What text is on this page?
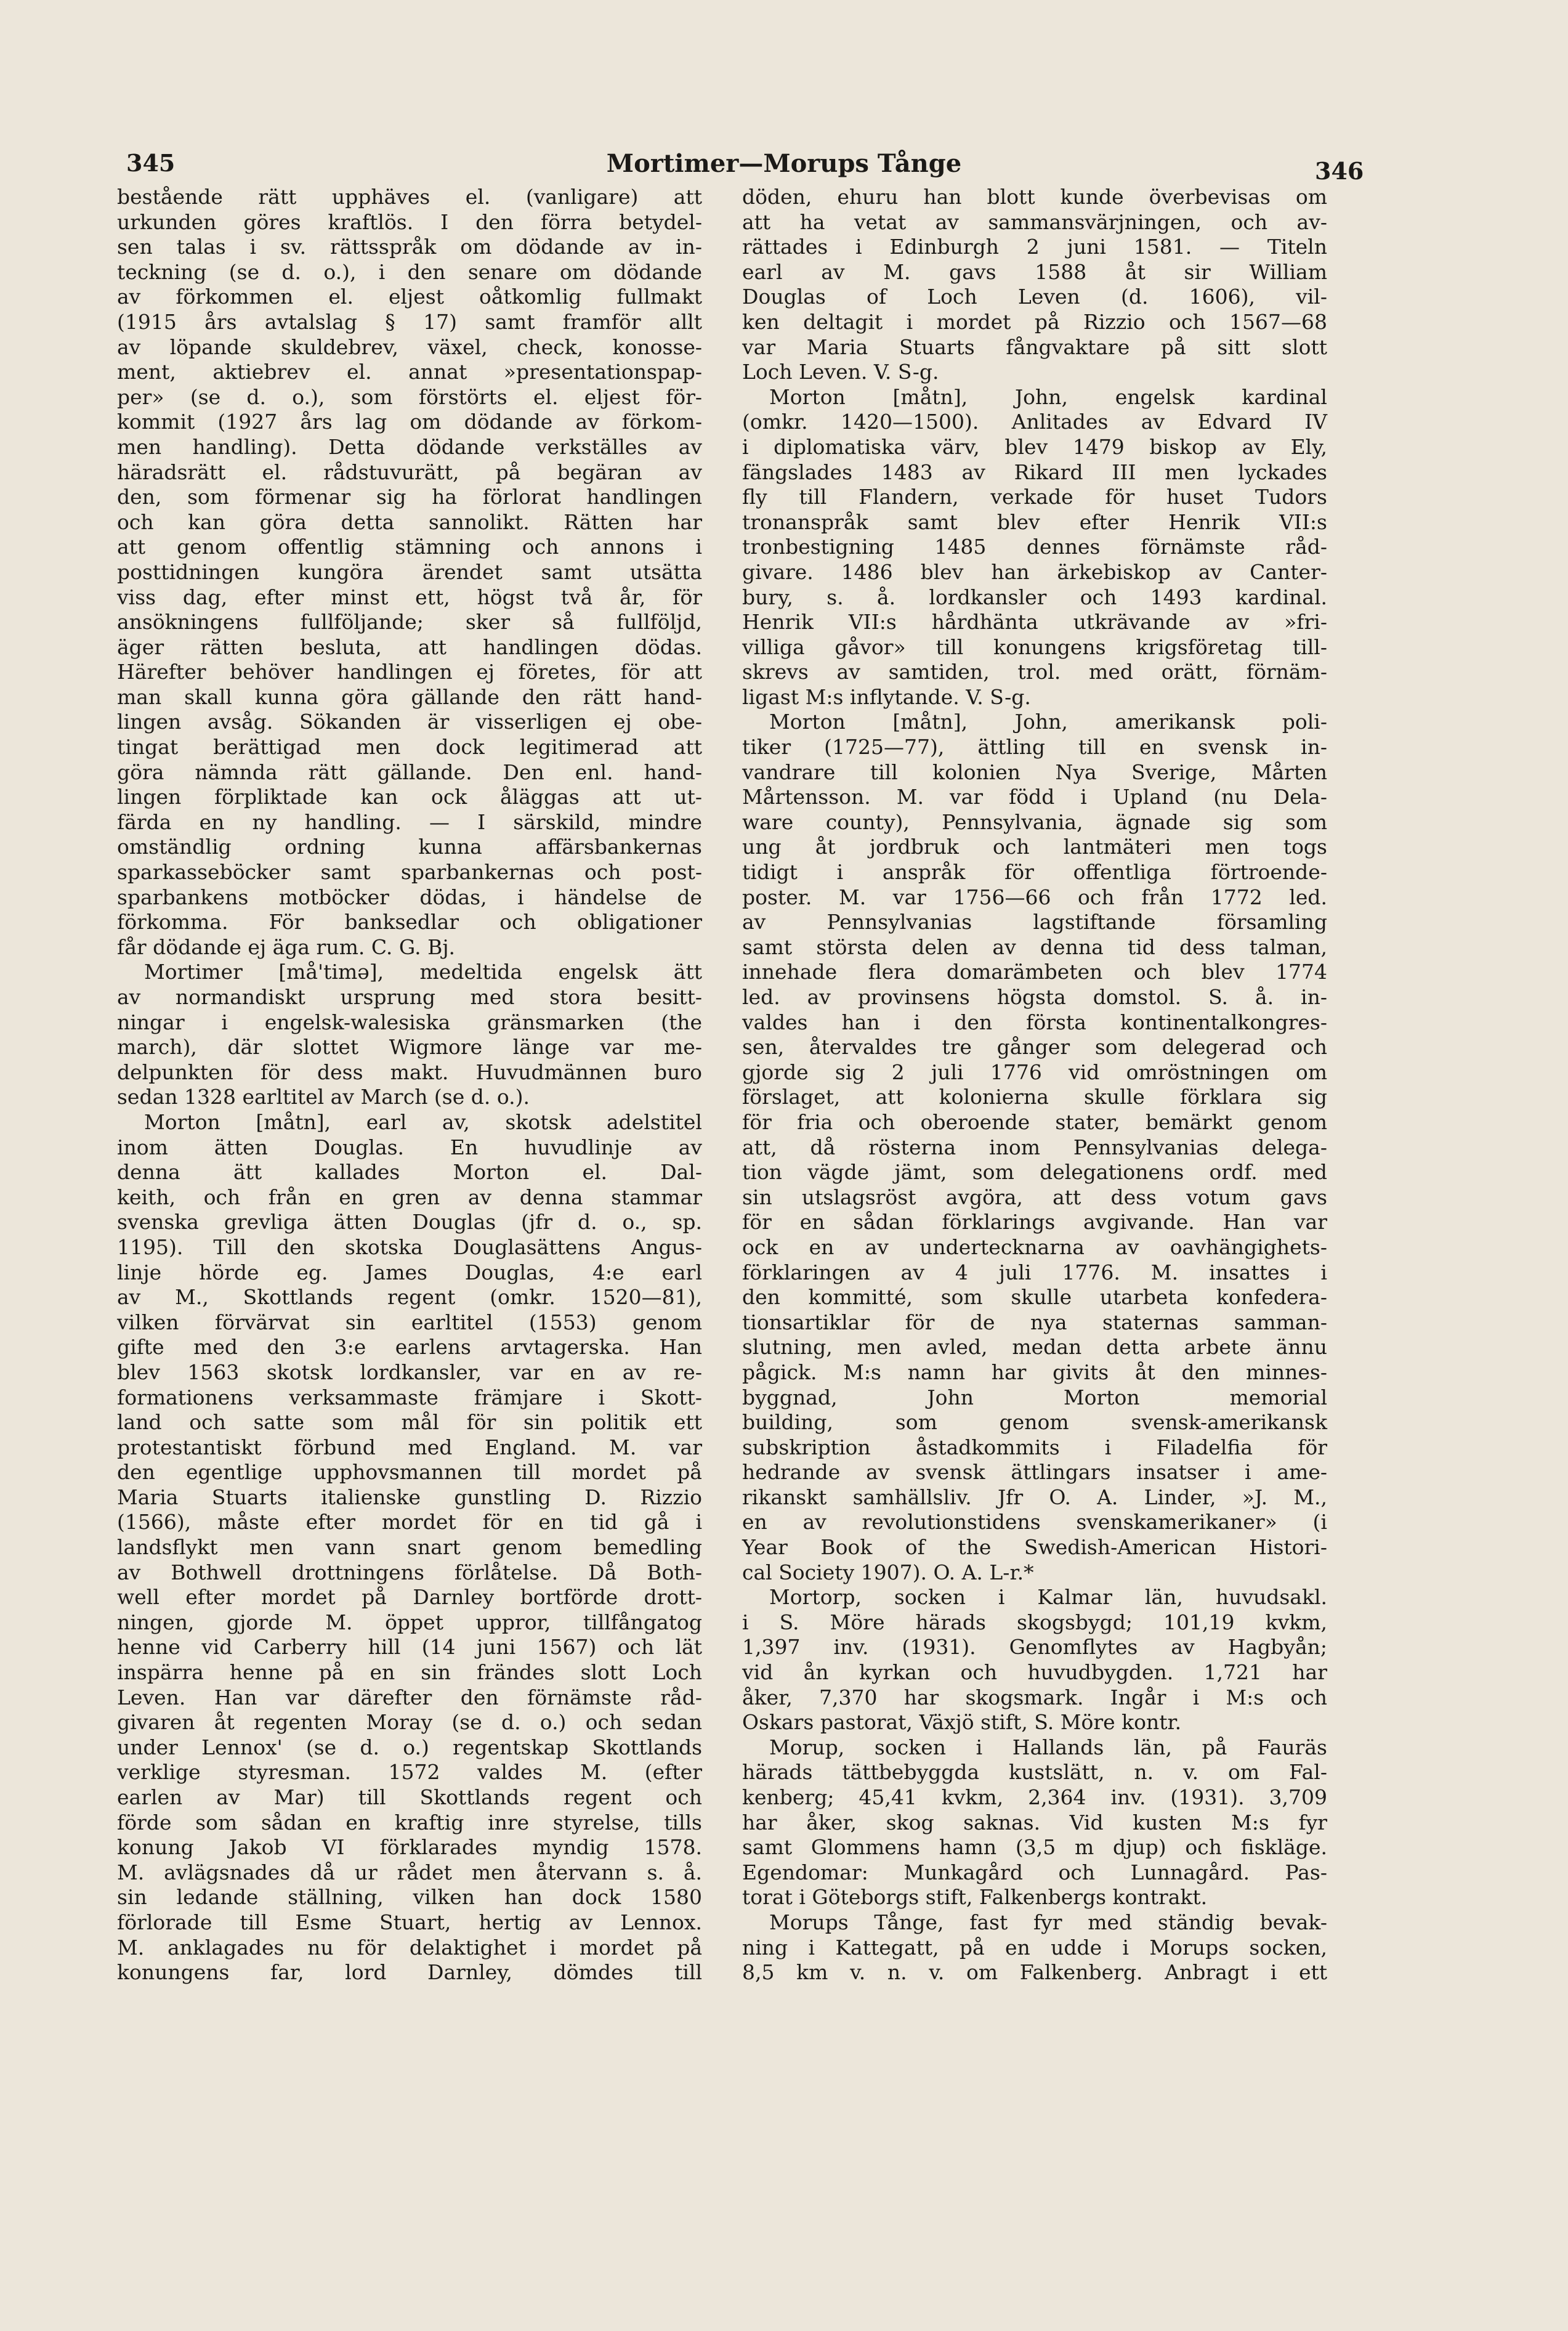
345	Mortimer—Morups Tånge	346
bestående rätt upphäves el. (vanligare) att
urkunden göres kraftlös. I den förra betydel-
sen talas i sv. rättsspråk om dödande av in-
teckning (se d. o.), i den senare om dödande
av förkommen el. eljest oåtkomlig fullmakt
(1915 års avtalslag § 17) samt framför allt
av löpande skuldebrev, växel, check, konosse-
ment, aktiebrev el. annat »presentationspap-
per» (se d. o.), som förstörts el. eljest för-
kommit (1927 års lag om dödande av förkom-
men handling). Detta dödande verkställes av
häradsrätt el. rådstuvurätt, på begäran av
den, som förmenar sig ha förlorat handlingen
och kan göra detta sannolikt. Rätten har
att genom offentlig stämning och annons i
posttidningen kungöra ärendet samt utsätta
viss dag, efter minst ett, högst två år, för
ansökningens fullföljande; sker så fullföljd,
äger rätten besluta, att handlingen dödas.
Härefter behöver handlingen ej företes, för att
man skall kunna göra gällande den rätt hand-
lingen avsåg. Sökanden är visserligen ej obe-
tingat berättigad men dock legitimerad att
göra nämnda rätt gällande. Den enl. hand-
lingen förpliktade kan ock åläggas att ut-
färda en ny handling. — I särskild, mindre
omständlig ordning kunna affärsbankernas
sparkasseböcker samt sparbankernas och post-
sparbankens motböcker dödas, i händelse de
förkomma. För banksedlar och obligationer
får dödande ej äga rum. C. G. Bj.
Mortimer [må'timə], medeltida engelsk ätt
av normandiskt ursprung med stora besitt-
ningar i engelsk-walesiska gränsmarken (the
march), där slottet Wigmore länge var me-
delpunkten för dess makt. Huvudmännen buro
sedan 1328 earltitel av March (se d. o.).
Morton [måtn], earl av, skotsk adelstitel
inom ätten Douglas. En huvudlinje av
denna ätt kallades Morton el. Dal-
keith, och från en gren av denna stammar
svenska grevliga ätten Douglas (jfr d. o., sp.
1195). Till den skotska Douglasättens Angus-
linje hörde eg. James Douglas, 4:e earl
av M., Skottlands regent (omkr. 1520—81),
vilken förvärvat sin earltitel (1553) genom
gifte med den 3:e earlens arvtagerska. Han
blev 1563 skotsk lordkansler, var en av re-
formationens verksammaste främjare i Skott-
land och satte som mål för sin politik ett
protestantiskt förbund med England. M. var
den egentlige upphovsmannen till mordet på
Maria Stuarts italienske gunstling D. Rizzio
(1566), måste efter mordet för en tid gå i
landsflykt men vann snart genom bemedling
av Bothwell drottningens förlåtelse. Då Both-
well efter mordet på Darnley bortförde drott-
ningen, gjorde M. öppet uppror, tillfångatog
henne vid Carberry hill (14 juni 1567) och lät
inspärra henne på en sin frändes slott Loch
Leven. Han var därefter den förnämste råd-
givaren åt regenten Moray (se d. o.) och sedan
under Lennox' (se d. o.) regentskap Skottlands
verklige styresman. 1572 valdes M. (efter
earlen av Mar) till Skottlands regent och
förde som sådan en kraftig inre styrelse, tills
konung Jakob VI förklarades myndig 1578.
M. avlägsnades då ur rådet men återvann s. å.
sin ledande ställning, vilken han dock 1580
förlorade till Esme Stuart, hertig av Lennox.
M. anklagades nu för delaktighet i mordet på
konungens far, lord Darnley, dömdes till
döden, ehuru han blott kunde överbevisas om
att ha vetat av sammansvärjningen, och av-
rättades i Edinburgh 2 juni 1581. — Titeln
earl av M. gavs 1588 åt sir William
Douglas of Loch Leven (d. 1606), vil-
ken deltagit i mordet på Rizzio och 1567—68
var Maria Stuarts fångvaktare på sitt slott
Loch Leven. V. S-g.
Morton [måtn], John, engelsk kardinal
(omkr. 1420—1500). Anlitades av Edvard IV
i diplomatiska värv, blev 1479 biskop av Ely,
fängslades 1483 av Rikard III men lyckades
fly till Flandern, verkade för huset Tudors
tronanspråk samt blev efter Henrik VII:s
tronbestigning 1485 dennes förnämste råd-
givare. 1486 blev han ärkebiskop av Canter-
bury, s. å. lordkansler och 1493 kardinal.
Henrik VII:s hårdhänta utkrävande av »fri-
villiga gåvor» till konungens krigsföretag till-
skrevs av samtiden, trol. med orätt, förnäm-
ligast M:s inflytande. V. S-g.
Morton [måtn], John, amerikansk poli-
tiker (1725—77), ättling till en svensk in-
vandrare till kolonien Nya Sverige, Mårten
Mårtensson. M. var född i Upland (nu Dela-
ware county), Pennsylvania, ägnade sig som
ung åt jordbruk och lantmäteri men togs
tidigt i anspråk för offentliga förtroende-
poster. M. var 1756—66 och från 1772 led.
av Pennsylvanias lagstiftande församling
samt största delen av denna tid dess talman,
innehade flera domarämbeten och blev 1774
led. av provinsens högsta domstol. S. å. in-
valdes han i den första kontinentalkongres-
sen, återvaldes tre gånger som delegerad och
gjorde sig 2 juli 1776 vid omröstningen om
förslaget, att kolonierna skulle förklara sig
för fria och oberoende stater, bemärkt genom
att, då rösterna inom Pennsylvanias delega-
tion vägde jämt, som delegationens ordf. med
sin utslagsröst avgöra, att dess votum gavs
för en sådan förklarings avgivande. Han var
ock en av undertecknarna av oavhängighets-
förklaringen av 4 juli 1776. M. insattes i
den kommitté, som skulle utarbeta konfedera-
tionsartiklar för de nya staternas samman-
slutning, men avled, medan detta arbete ännu
pågick. M:s namn har givits åt den minnes-
byggnad, John Morton memorial
building, som genom svensk-amerikansk
subskription åstadkommits i Filadelfia för
hedrande av svensk ättlingars insatser i ame-
rikanskt samhällsliv. Jfr O. A. Linder, »J. M.,
en av revolutionstidens svenskamerikaner» (i
Year Book of the Swedish-American Histori-
cal Society 1907). O. A. L-r.*
Mortorp, socken i Kalmar län, huvudsakl.
i S. Möre härads skogsbygd; 101,19 kvkm,
1,397 inv. (1931). Genomflytes av Hagbyån;
vid ån kyrkan och huvudbygden. 1,721 har
åker, 7,370 har skogsmark. Ingår i M:s och
Oskars pastorat, Växjö stift, S. Möre kontr.
Morup, socken i Hallands län, på Fauräs
härads tättbebyggda kustslätt, n. v. om Fal-
kenberg; 45,41 kvkm, 2,364 inv. (1931). 3,709
har åker, skog saknas. Vid kusten M:s fyr
samt Glommens hamn (3,5 m djup) och fiskläge.
Egendomar: Munkagård och Lunnagård. Pas-
torat i Göteborgs stift, Falkenbergs kontrakt.
Morups Tånge, fast fyr med ständig bevak-
ning i Kattegatt, på en udde i Morups socken,
8,5 km v. n. v. om Falkenberg. Anbragt i ett
